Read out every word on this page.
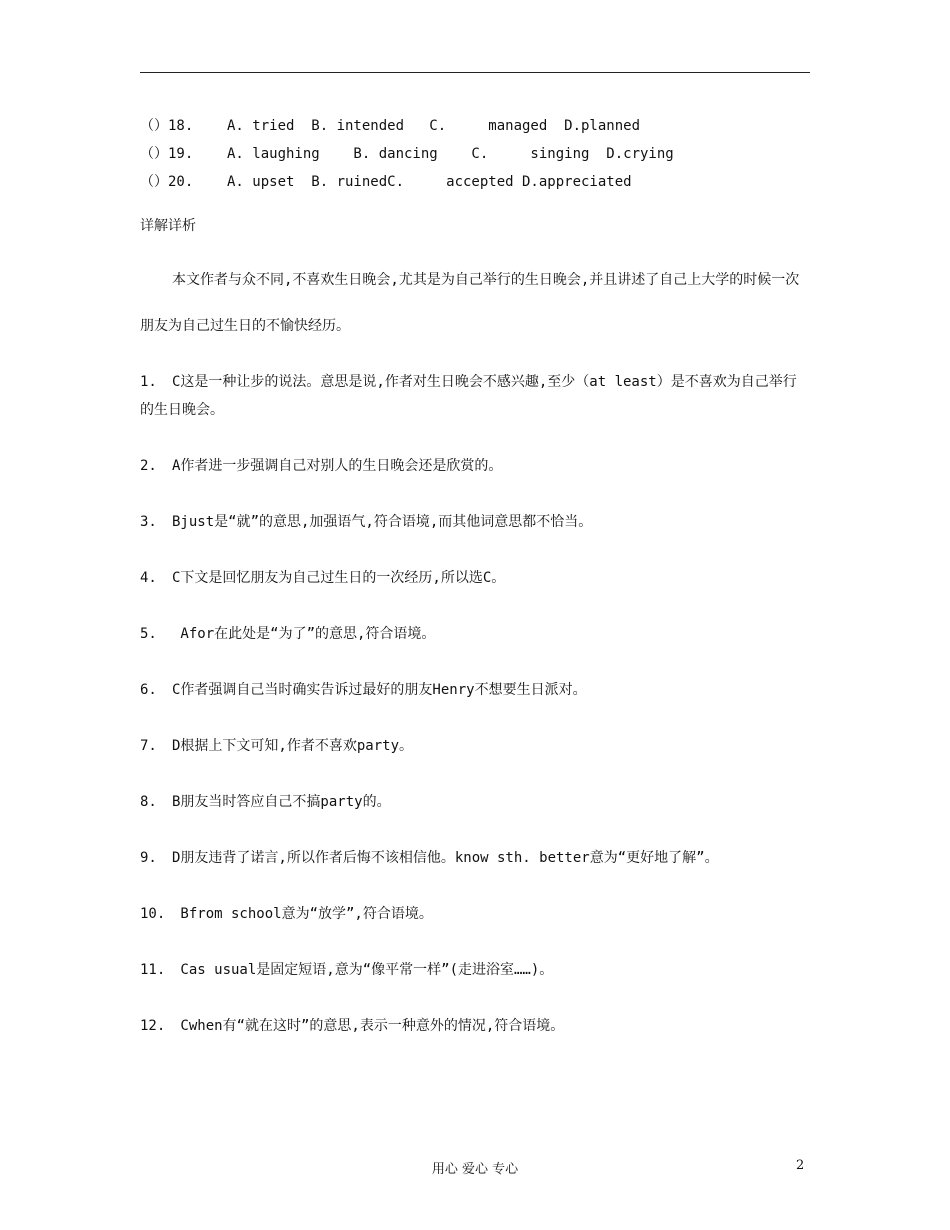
（）18.    A. tried  B. intended   C.     managed  D.planned
（）19.    A. laughing    B. dancing    C.     singing  D.crying
（）20.    A. upset  B. ruinedC.     accepted D.appreciated
详解详析
本文作者与众不同,不喜欢生日晚会,尤其是为自己举行的生日晚会,并且讲述了自己上大学的时候一次
朋友为自己过生日的不愉快经历。
1. C这是一种让步的说法。意思是说,作者对生日晚会不感兴趣,至少（at least）是不喜欢为自己举行的生日晚会。
2. A作者进一步强调自己对别人的生日晚会还是欣赏的。
3. Bjust是“就”的意思,加强语气,符合语境,而其他词意思都不恰当。
4. C下文是回忆朋友为自己过生日的一次经历,所以选C。
5. Afor在此处是“为了”的意思,符合语境。
6. C作者强调自己当时确实告诉过最好的朋友Henry不想要生日派对。
7. D根据上下文可知,作者不喜欢party。
8. B朋友当时答应自己不搞party的。
9. D朋友违背了诺言,所以作者后悔不该相信他。know sth. better意为“更好地了解”。
10. Bfrom school意为“放学”,符合语境。
11. Cas usual是固定短语,意为“像平常一样”(走进浴室……)。
12. Cwhen有“就在这时”的意思,表示一种意外的情况,符合语境。
用心 爱心 专心	2
